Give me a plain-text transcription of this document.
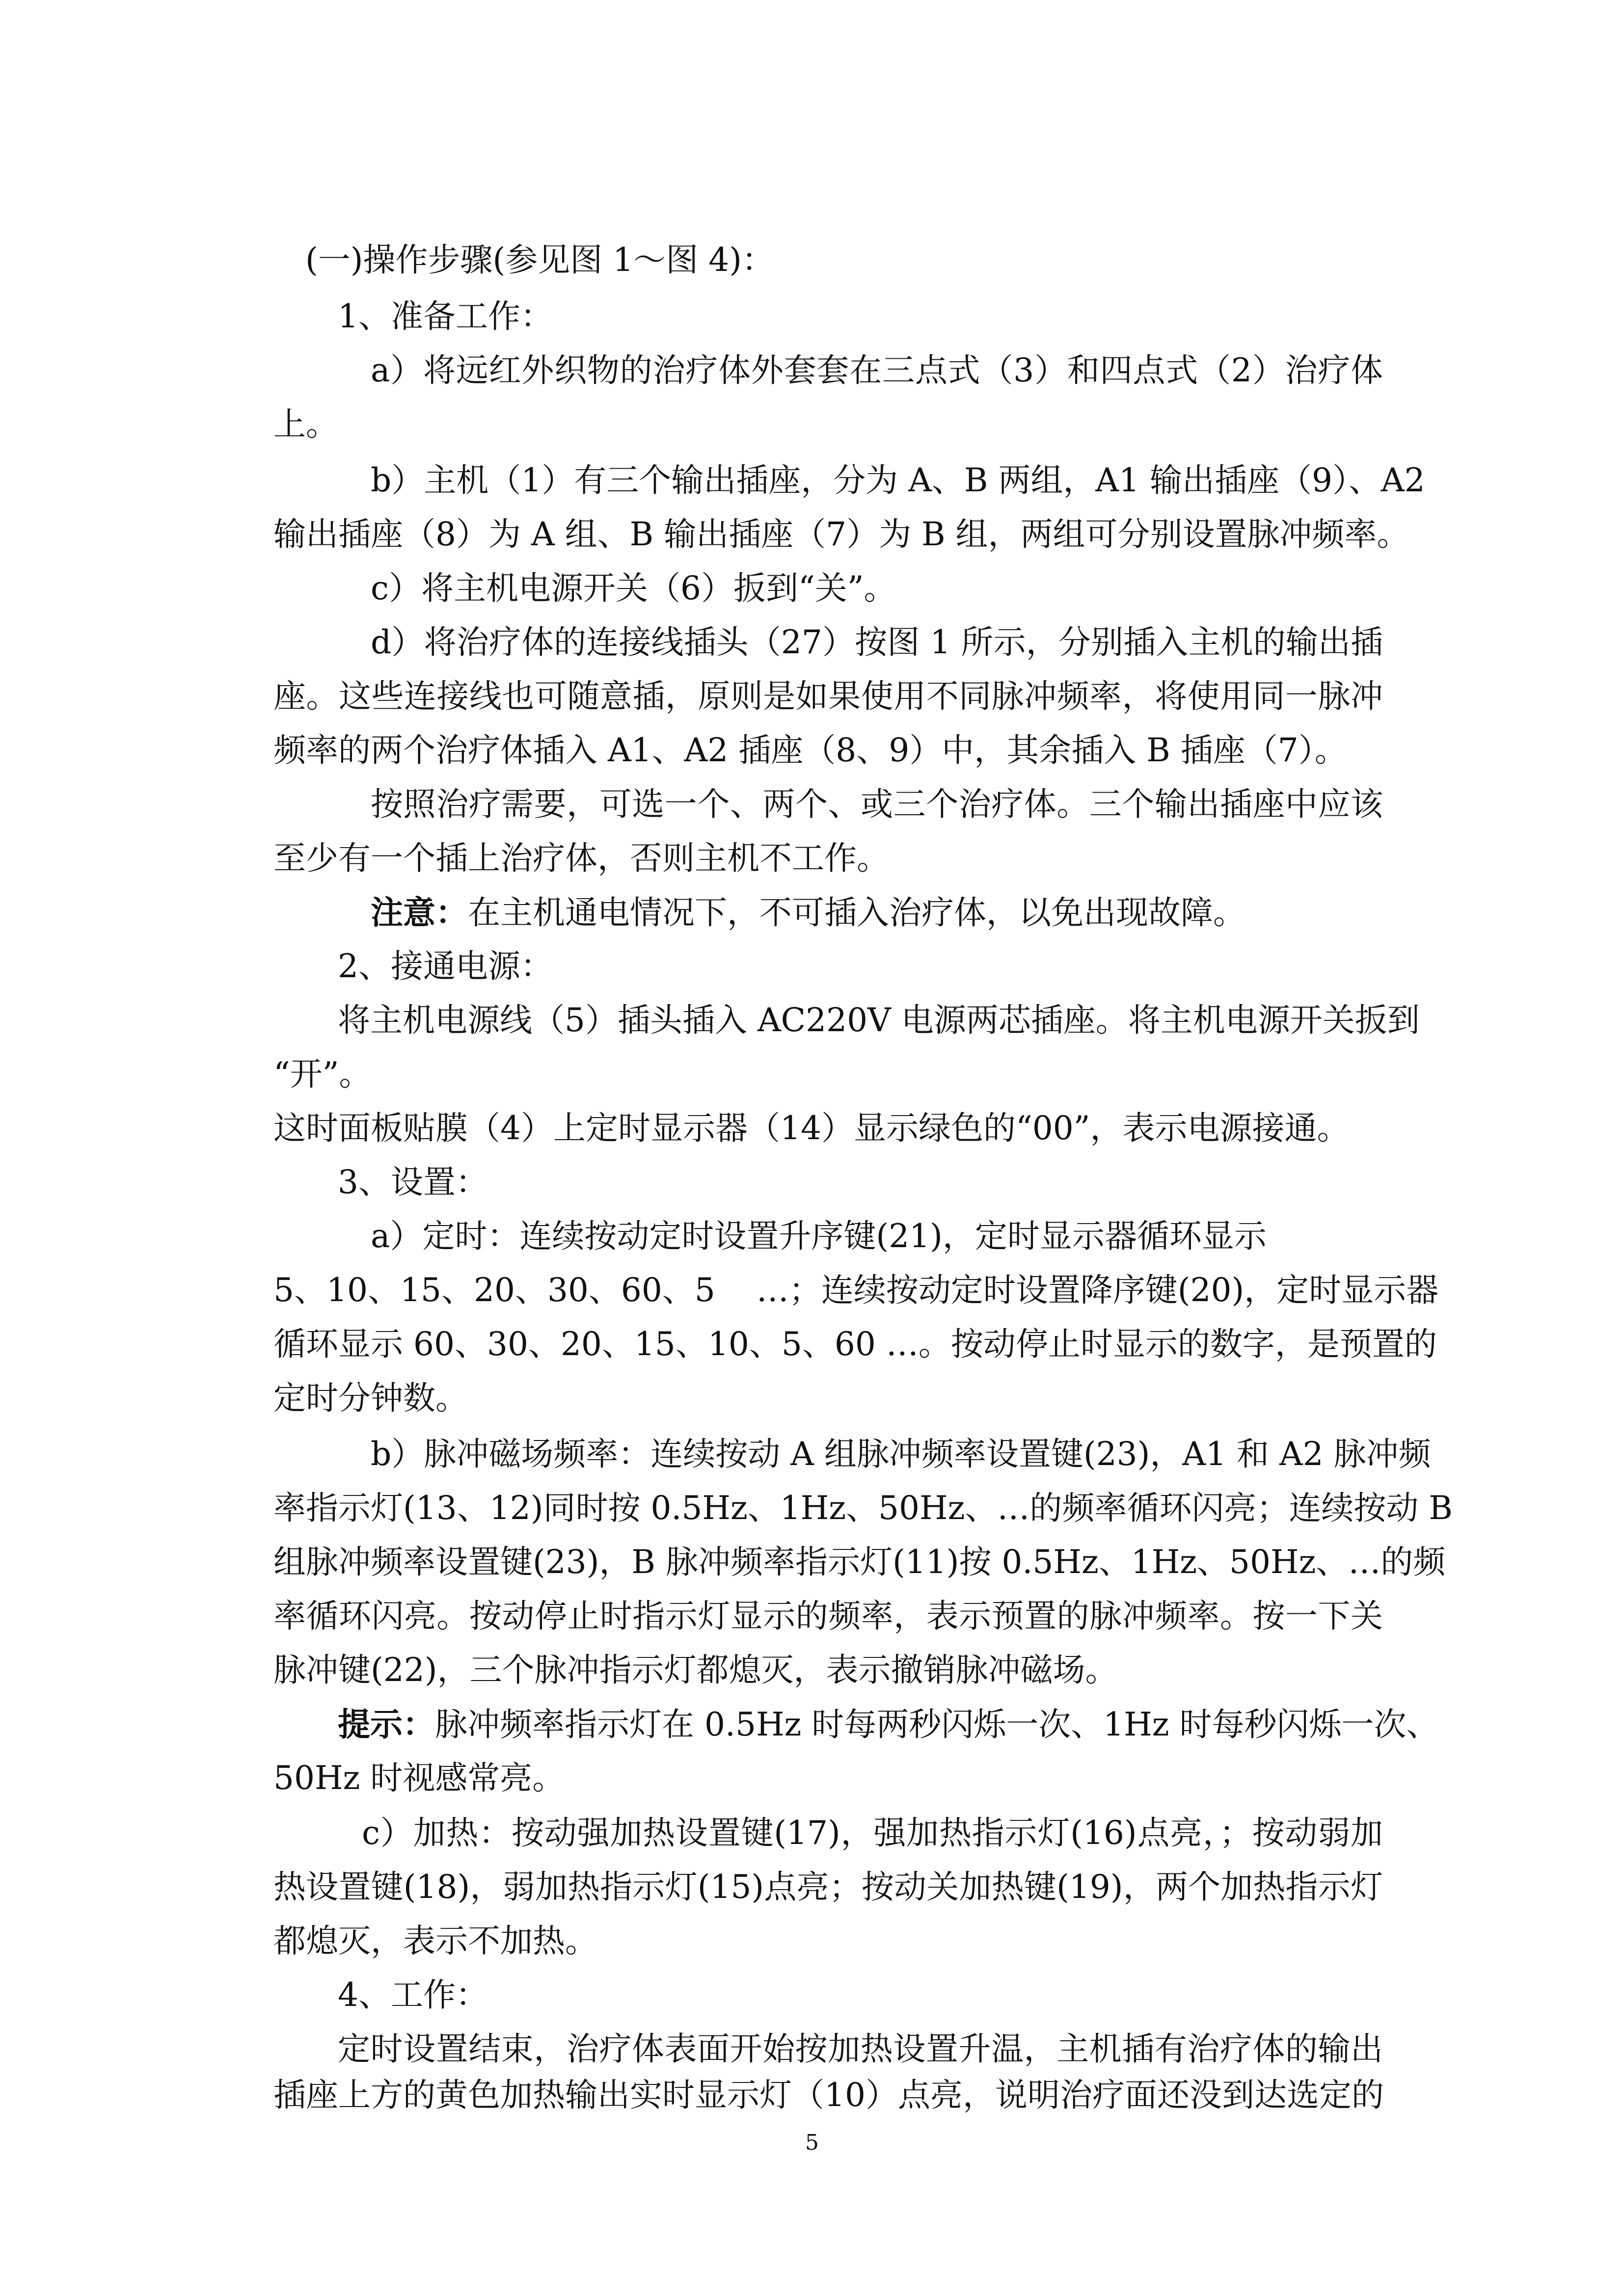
(一)操作步骤(参见图 1～图 4)：
1、准备工作：
a）将远红外织物的治疗体外套套在三点式（3）和四点式（2）治疗体
上。
b）主机（1）有三个输出插座，分为 A、B 两组，A1 输出插座（9）、A2
输出插座（8）为 A 组、B 输出插座（7）为 B 组，两组可分别设置脉冲频率。
c）将主机电源开关（6）扳到“关”。
d）将治疗体的连接线插头（27）按图 1 所示，分别插入主机的输出插
座。这些连接线也可随意插，原则是如果使用不同脉冲频率，将使用同一脉冲
频率的两个治疗体插入 A1、A2 插座（8、9）中，其余插入 B 插座（7）。
按照治疗需要，可选一个、两个、或三个治疗体。三个输出插座中应该
至少有一个插上治疗体，否则主机不工作。
注意：在主机通电情况下，不可插入治疗体，以免出现故障。
2、接通电源：
将主机电源线（5）插头插入 AC220V 电源两芯插座。将主机电源开关扳到
“开”。
这时面板贴膜（4）上定时显示器（14）显示绿色的“00”，表示电源接通。
3、设置：
a）定时：连续按动定时设置升序键(21)，定时显示器循环显示
5、10、15、20、30、60、5    …；连续按动定时设置降序键(20)，定时显示器
循环显示 60、30、20、15、10、5、60 …。按动停止时显示的数字，是预置的
定时分钟数。
b）脉冲磁场频率：连续按动 A 组脉冲频率设置键(23)，A1 和 A2 脉冲频
率指示灯(13、12)同时按 0.5Hz、1Hz、50Hz、…的频率循环闪亮；连续按动 B
组脉冲频率设置键(23)，B 脉冲频率指示灯(11)按 0.5Hz、1Hz、50Hz、…的频
率循环闪亮。按动停止时指示灯显示的频率，表示预置的脉冲频率。按一下关
脉冲键(22)，三个脉冲指示灯都熄灭，表示撤销脉冲磁场。
提示：脉冲频率指示灯在 0.5Hz 时每两秒闪烁一次、1Hz 时每秒闪烁一次、
50Hz 时视感常亮。
c）加热：按动强加热设置键(17)，强加热指示灯(16)点亮，；按动弱加
热设置键(18)，弱加热指示灯(15)点亮；按动关加热键(19)，两个加热指示灯
都熄灭，表示不加热。
4、工作：
定时设置结束，治疗体表面开始按加热设置升温，主机插有治疗体的输出
插座上方的黄色加热输出实时显示灯（10）点亮，说明治疗面还没到达选定的
5
